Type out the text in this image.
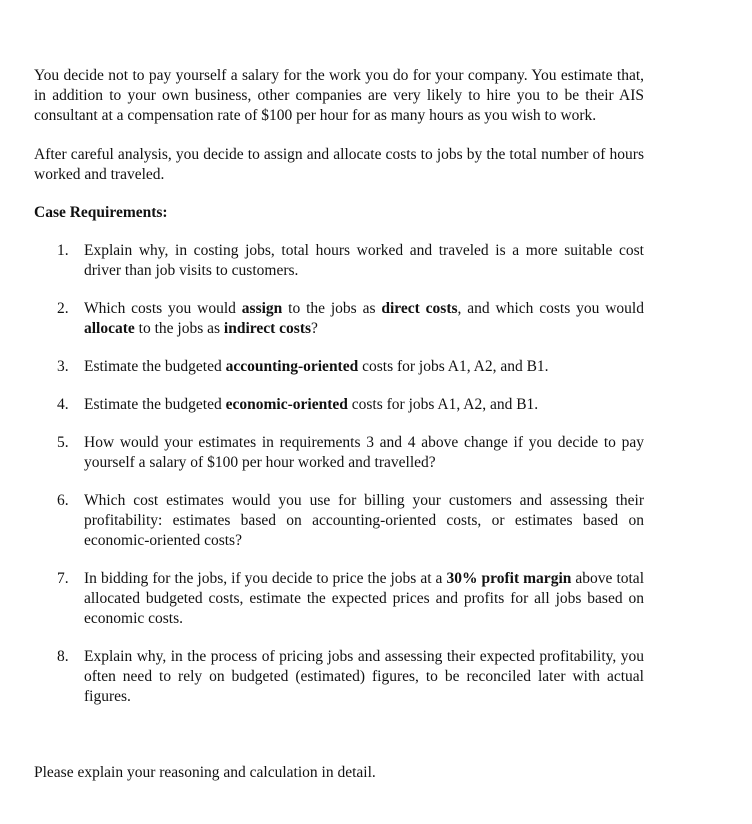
You decide not to pay yourself a salary for the work you do for your company. You estimate that, in addition to your own business, other companies are very likely to hire you to be their AIS consultant at a compensation rate of $100 per hour for as many hours as you wish to work.

After careful analysis, you decide to assign and allocate costs to jobs by the total number of hours worked and traveled.

Case Requirements:

1. Explain why, in costing jobs, total hours worked and traveled is a more suitable cost driver than job visits to customers.
2. Which costs you would assign to the jobs as direct costs, and which costs you would allocate to the jobs as indirect costs?
3. Estimate the budgeted accounting-oriented costs for jobs A1, A2, and B1.
4. Estimate the budgeted economic-oriented costs for jobs A1, A2, and B1.
5. How would your estimates in requirements 3 and 4 above change if you decide to pay yourself a salary of $100 per hour worked and travelled?
6. Which cost estimates would you use for billing your customers and assessing their profitability: estimates based on accounting-oriented costs, or estimates based on economic-oriented costs?
7. In bidding for the jobs, if you decide to price the jobs at a 30% profit margin above total allocated budgeted costs, estimate the expected prices and profits for all jobs based on economic costs.
8. Explain why, in the process of pricing jobs and assessing their expected profitability, you often need to rely on budgeted (estimated) figures, to be reconciled later with actual figures.

Please explain your reasoning and calculation in detail.
